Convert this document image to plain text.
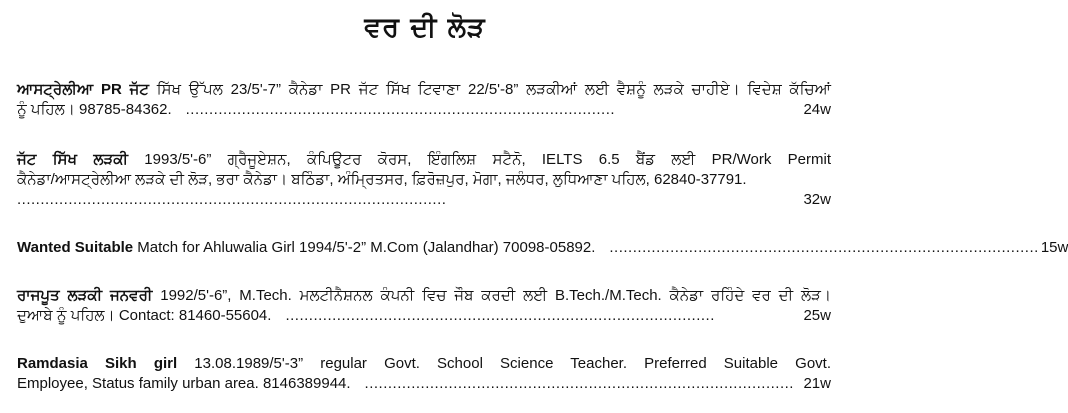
ਵਰ ਦੀ ਲੋੜ

ਆਸਟ੍ਰੇਲੀਆ PR ਜੱਟ ਸਿੱਖ ਉੱਪਲ 23/5'-7” ਕੈਨੇਡਾ PR ਜੱਟ ਸਿੱਖ ਟਿਵਾਣਾ 22/5'-8” ਲੜਕੀਆਂ ਲਈ ਵੈਸ਼ਨੂੰ ਲੜਕੇ ਚਾਹੀਏ। ਵਿਦੇਸ਼ ਕੱਚਿਆਂ

ਨੂੰ ਪਹਿਲ। 98785-84362. ............................................................................................	24w

ਜੱਟ ਸਿੱਖ ਲੜਕੀ 1993/5'-6” ਗ੍ਰੈਜੂਏਸ਼ਨ, ਕੰਪਿਊਟਰ ਕੋਰਸ, ਇੰਗਲਿਸ਼ ਸਟੈਨੋ, IELTS 6.5 ਬੈਂਡ ਲਈ PR/Work Permit

ਕੈਨੇਡਾ/ਆਸਟ੍ਰੇਲੀਆ ਲੜਕੇ ਦੀ ਲੋੜ, ਭਰਾ ਕੈਨੇਡਾ। ਬਠਿੰਡਾ, ਅੰਮ੍ਰਿਤਸਰ, ਫ਼ਿਰੋਜ਼ਪੁਰ, ਮੋਗਾ, ਜਲੰਧਰ, ਲੁਧਿਆਣਾ ਪਹਿਲ, 62840-37791.

............................................................................................	32w
Wanted Suitable Match for Ahluwalia Girl 1994/5'-2” M.Com (Jalandhar) 70098-05892. ............................................................................................ 15w

ਰਾਜਪੂਤ ਲੜਕੀ ਜਨਵਰੀ 1992/5'-6”, M.Tech. ਮਲਟੀਨੈਸ਼ਨਲ ਕੰਪਨੀ ਵਿਚ ਜੌਬ ਕਰਦੀ ਲਈ B.Tech./M.Tech. ਕੈਨੇਡਾ ਰਹਿੰਦੇ ਵਰ ਦੀ ਲੋੜ।

ਦੁਆਬੇ ਨੂੰ ਪਹਿਲ। Contact: 81460-55604. ............................................................................................	25w

Ramdasia Sikh girl 13.08.1989/5'-3” regular Govt. School Science Teacher. Preferred Suitable Govt.

Employee, Status family urban area. 8146389944. ............................................................................................ 21w
